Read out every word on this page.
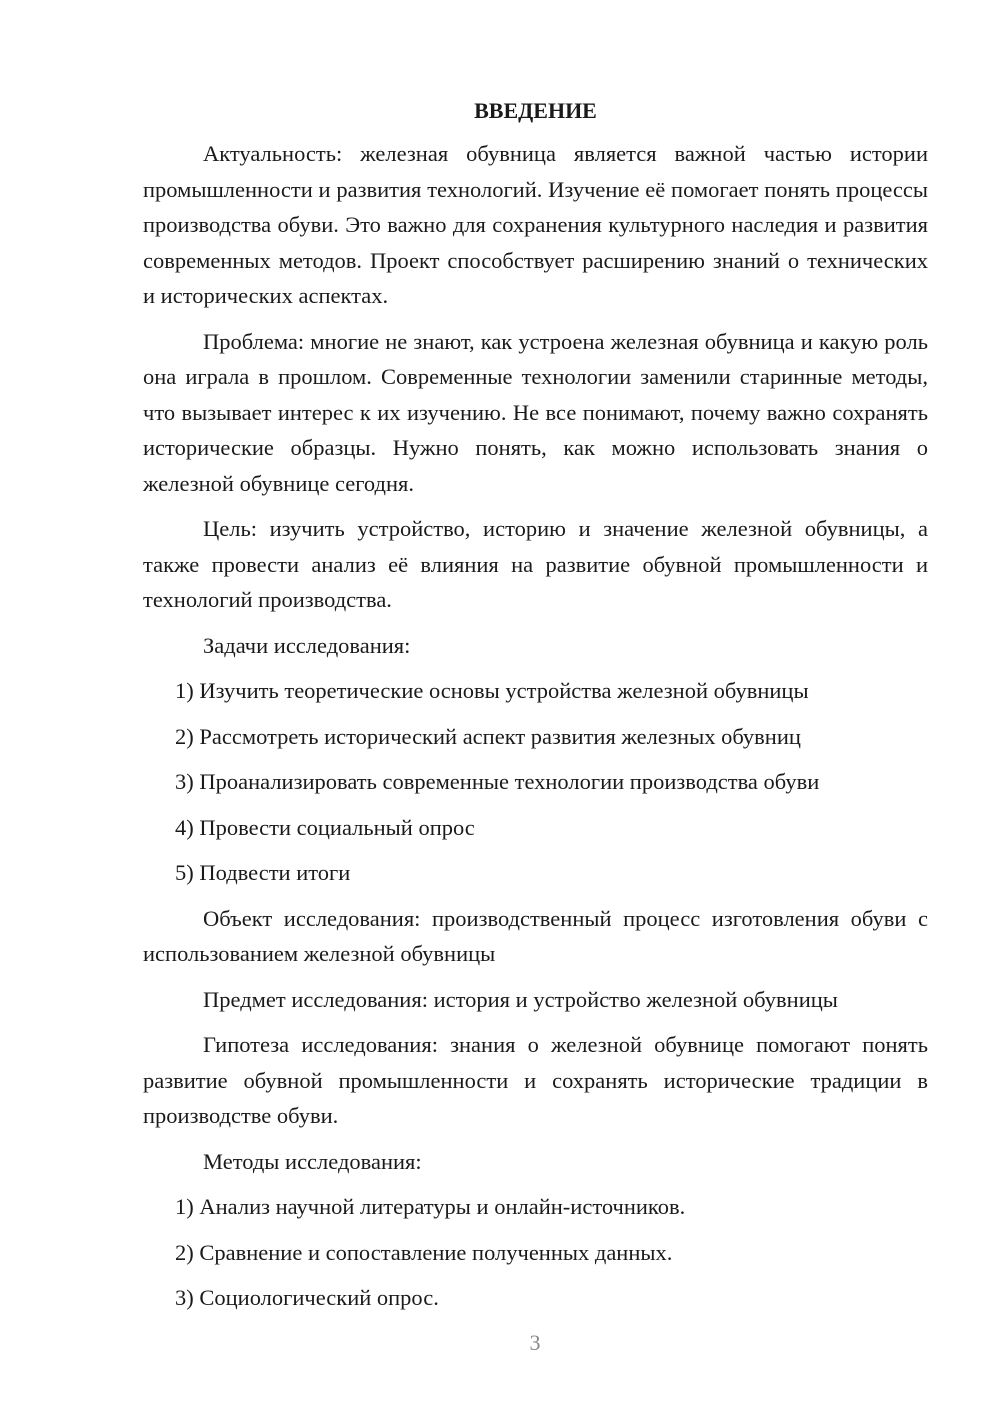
ВВЕДЕНИЕ

Актуальность: железная обувница является важной частью истории промышленности и развития технологий. Изучение её помогает понять процессы производства обуви. Это важно для сохранения культурного наследия и развития современных методов. Проект способствует расширению знаний о технических и исторических аспектах.

Проблема: многие не знают, как устроена железная обувница и какую роль она играла в прошлом. Современные технологии заменили старинные методы, что вызывает интерес к их изучению. Не все понимают, почему важно сохранять исторические образцы. Нужно понять, как можно использовать знания о железной обувнице сегодня.

Цель: изучить устройство, историю и значение железной обувницы, а также провести анализ её влияния на развитие обувной промышленности и технологий производства.

Задачи исследования:

1) Изучить теоретические основы устройства железной обувницы
2) Рассмотреть исторический аспект развития железных обувниц
3) Проанализировать современные технологии производства обуви
4) Провести социальный опрос
5) Подвести итоги

Объект исследования: производственный процесс изготовления обуви с использованием железной обувницы

Предмет исследования: история и устройство железной обувницы

Гипотеза исследования: знания о железной обувнице помогают понять развитие обувной промышленности и сохранять исторические традиции в производстве обуви.

Методы исследования:

1) Анализ научной литературы и онлайн-источников.
2) Сравнение и сопоставление полученных данных.
3) Социологический опрос.
3
